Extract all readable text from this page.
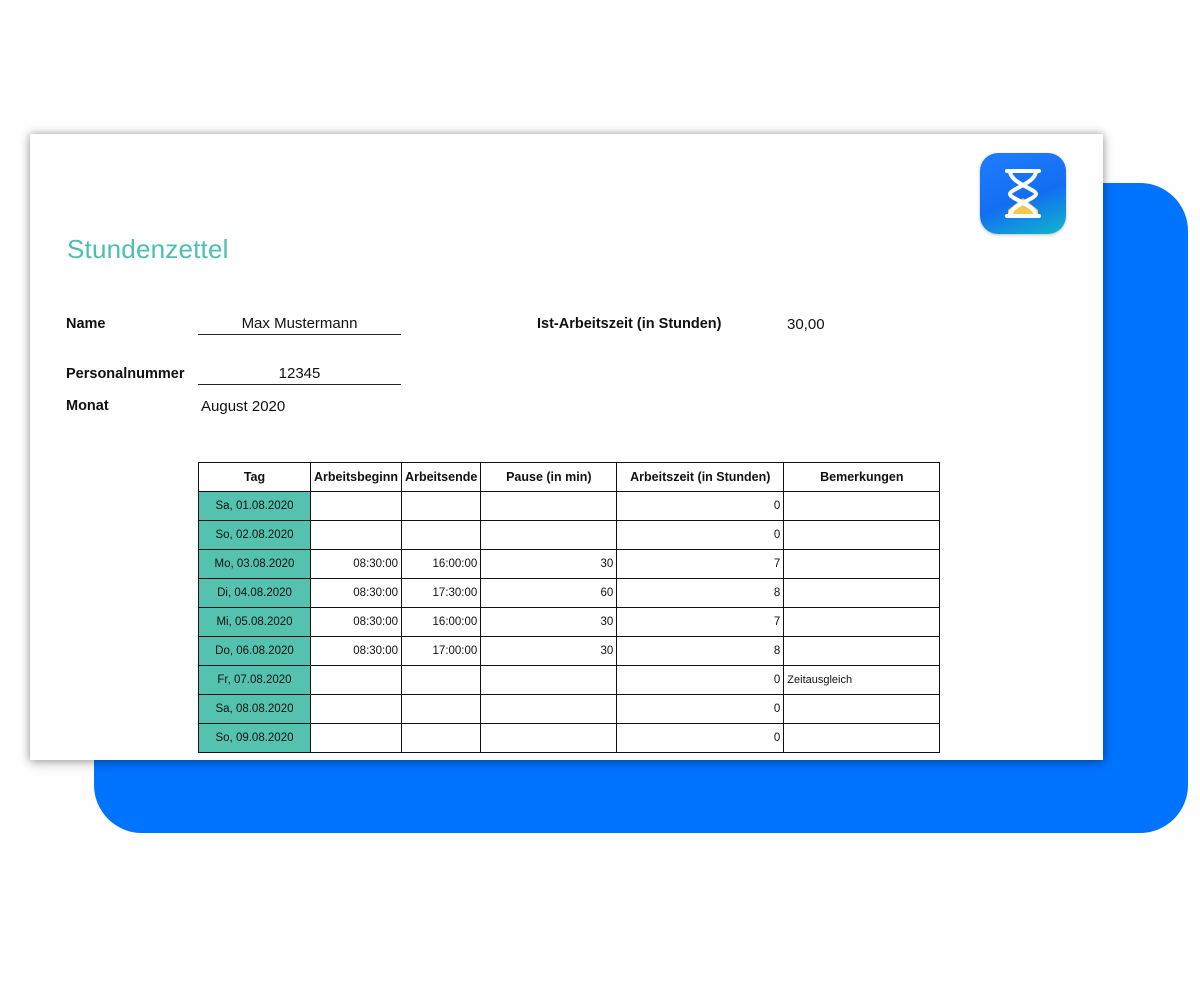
Stundenzettel
Name	Max Mustermann	Ist-Arbeitszeit (in Stunden)	30,00
Personalnummer	12345
Monat	August 2020
Tag	Arbeitsbeginn	Arbeitsende	Pause (in min)	Arbeitszeit (in Stunden)	Bemerkungen
Sa, 01.08.2020				0	
So, 02.08.2020				0	
Mo, 03.08.2020	08:30:00	16:00:00	30	7	
Di, 04.08.2020	08:30:00	17:30:00	60	8	
Mi, 05.08.2020	08:30:00	16:00:00	30	7	
Do, 06.08.2020	08:30:00	17:00:00	30	8	
Fr, 07.08.2020				0	Zeitausgleich
Sa, 08.08.2020				0	
So, 09.08.2020				0	
